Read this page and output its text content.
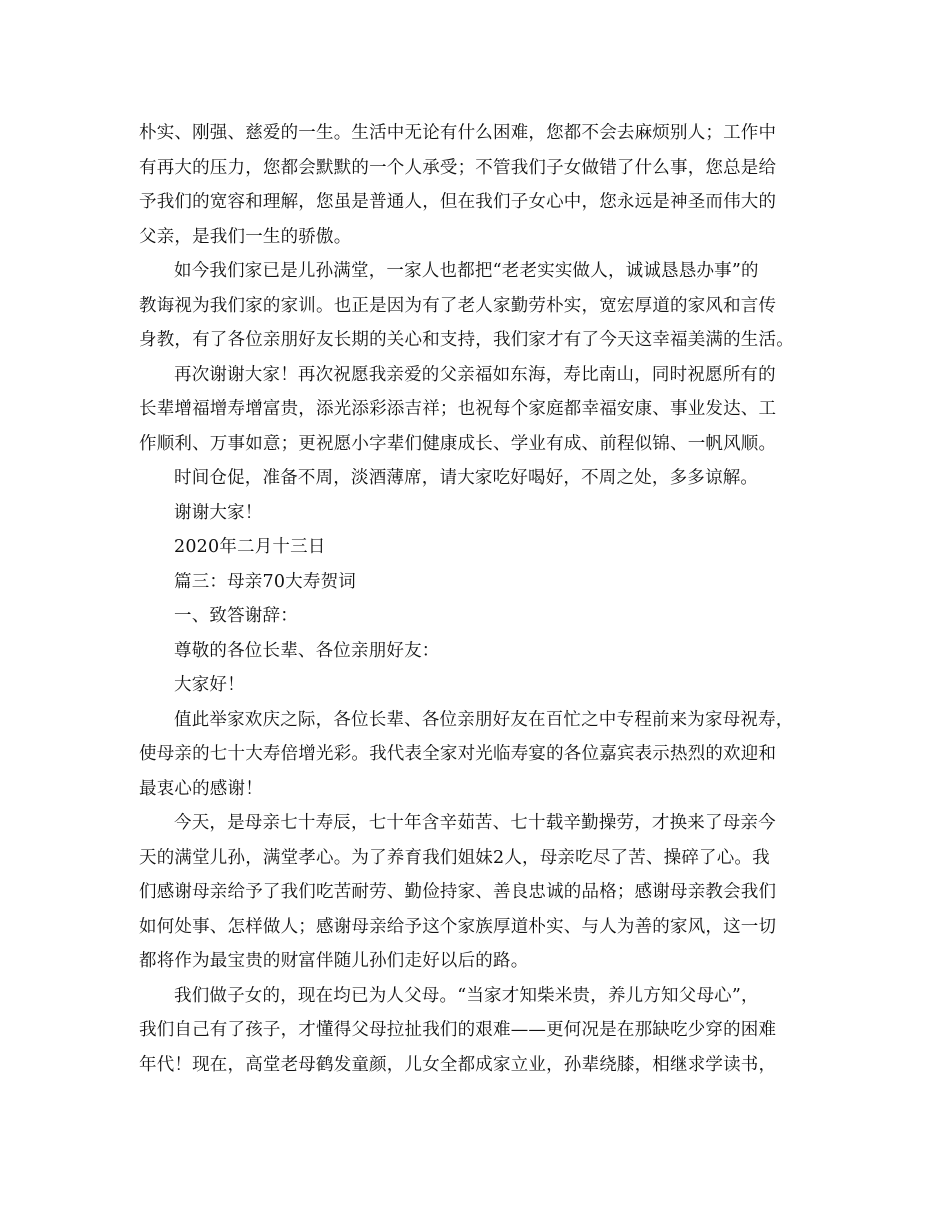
朴实、刚强、慈爱的一生。生活中无论有什么困难，您都不会去麻烦别人；工作中
有再大的压力，您都会默默的一个人承受；不管我们子女做错了什么事，您总是给
予我们的宽容和理解，您虽是普通人，但在我们子女心中，您永远是神圣而伟大的
父亲，是我们一生的骄傲。
如今我们家已是儿孙满堂，一家人也都把“老老实实做人，诚诚恳恳办事”的
教诲视为我们家的家训。也正是因为有了老人家勤劳朴实，宽宏厚道的家风和言传
身教，有了各位亲朋好友长期的关心和支持，我们家才有了今天这幸福美满的生活。
再次谢谢大家！再次祝愿我亲爱的父亲福如东海，寿比南山，同时祝愿所有的
长辈增福增寿增富贵，添光添彩添吉祥；也祝每个家庭都幸福安康、事业发达、工
作顺利、万事如意；更祝愿小字辈们健康成长、学业有成、前程似锦、一帆风顺。
时间仓促，准备不周，淡酒薄席，请大家吃好喝好，不周之处，多多谅解。
谢谢大家！
2020年二月十三日
篇三：母亲70大寿贺词
一、致答谢辞：
尊敬的各位长辈、各位亲朋好友：
大家好！
值此举家欢庆之际，各位长辈、各位亲朋好友在百忙之中专程前来为家母祝寿，
使母亲的七十大寿倍增光彩。我代表全家对光临寿宴的各位嘉宾表示热烈的欢迎和
最衷心的感谢！
今天，是母亲七十寿辰，七十年含辛茹苦、七十载辛勤操劳，才换来了母亲今
天的满堂儿孙，满堂孝心。为了养育我们姐妹2人，母亲吃尽了苦、操碎了心。我
们感谢母亲给予了我们吃苦耐劳、勤俭持家、善良忠诚的品格；感谢母亲教会我们
如何处事、怎样做人；感谢母亲给予这个家族厚道朴实、与人为善的家风，这一切
都将作为最宝贵的财富伴随儿孙们走好以后的路。
我们做子女的，现在均已为人父母。“当家才知柴米贵，养儿方知父母心”，
我们自己有了孩子，才懂得父母拉扯我们的艰难——更何况是在那缺吃少穿的困难
年代！现在，高堂老母鹤发童颜，儿女全都成家立业，孙辈绕膝，相继求学读书，
